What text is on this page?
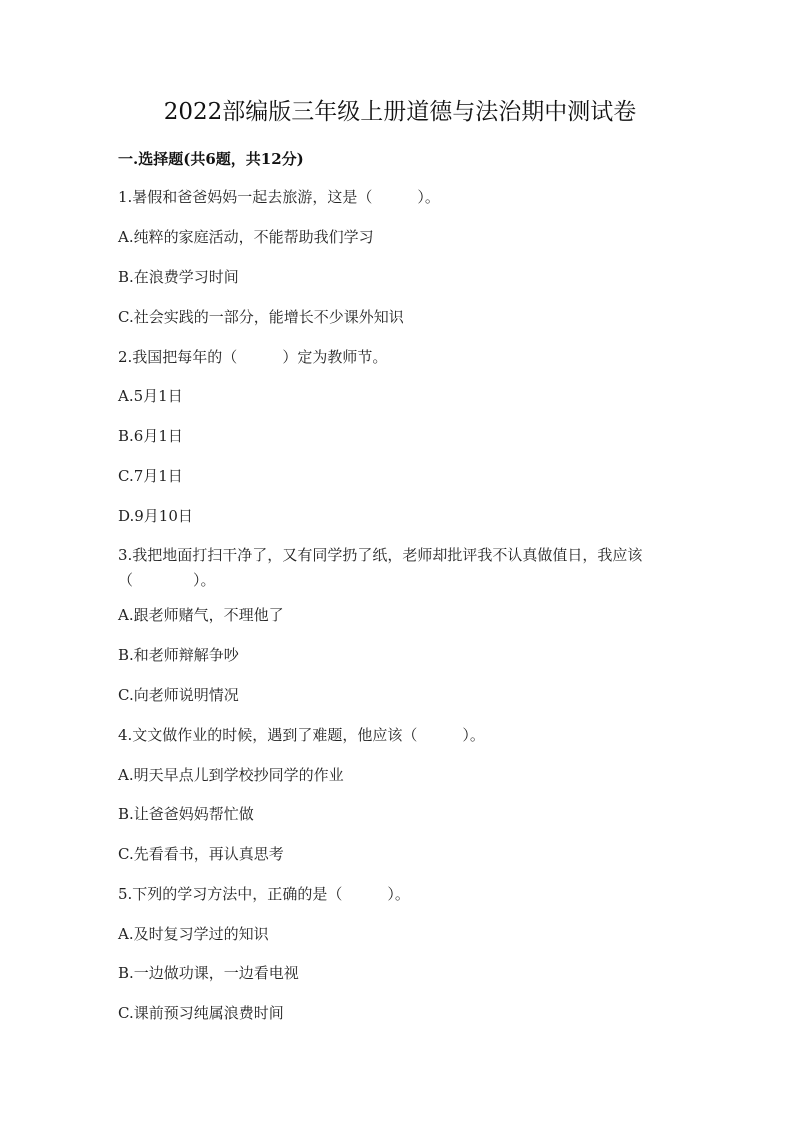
2022部编版三年级上册道德与法治期中测试卷
一.选择题(共6题，共12分)
1.暑假和爸爸妈妈一起去旅游，这是（　　　）。
A.纯粹的家庭活动，不能帮助我们学习
B.在浪费学习时间
C.社会实践的一部分，能增长不少课外知识
2.我国把每年的（　　　）定为教师节。
A.5月1日
B.6月1日
C.7月1日
D.9月10日
3.我把地面打扫干净了，又有同学扔了纸，老师却批评我不认真做值日，我应该（　　　　）。
A.跟老师赌气，不理他了
B.和老师辩解争吵
C.向老师说明情况
4.文文做作业的时候，遇到了难题，他应该（　　　）。
A.明天早点儿到学校抄同学的作业
B.让爸爸妈妈帮忙做
C.先看看书，再认真思考
5.下列的学习方法中，正确的是（　　　）。
A.及时复习学过的知识
B.一边做功课，一边看电视
C.课前预习纯属浪费时间
